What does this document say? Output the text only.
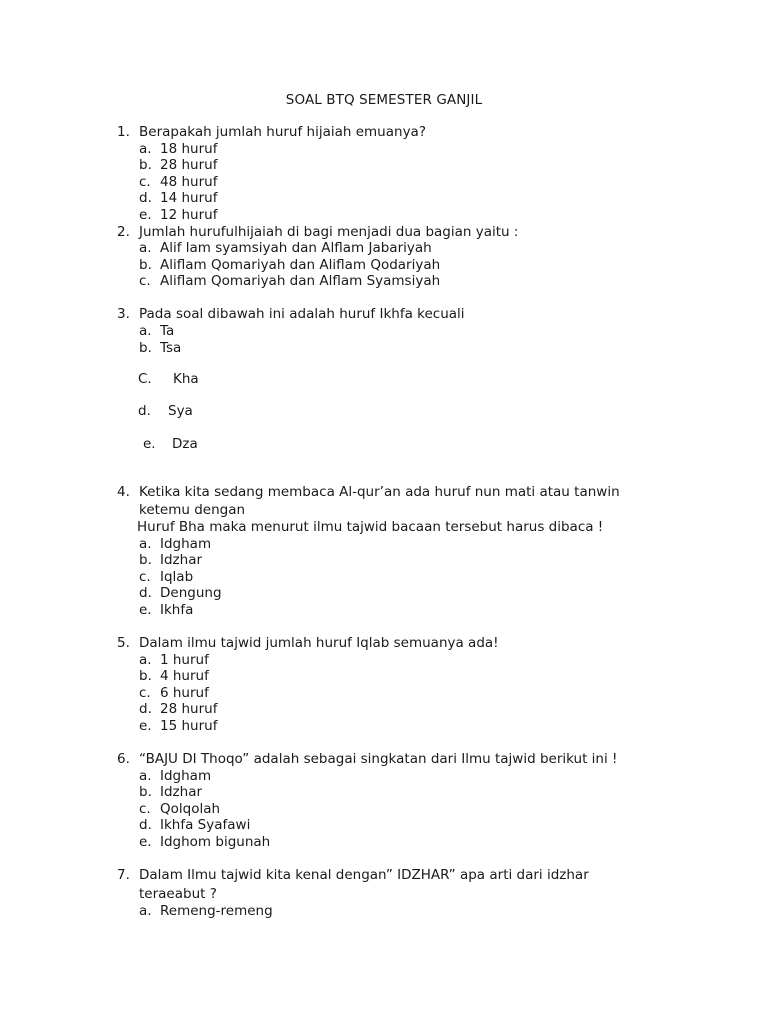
SOAL BTQ SEMESTER GANJIL
1. Berapakah jumlah huruf hijaiah emuanya?
a. 18 huruf
b. 28 huruf
c. 48 huruf
d. 14 huruf
e. 12 huruf
2. Jumlah hurufulhijaiah di bagi menjadi dua bagian yaitu :
a. Alif lam syamsiyah dan Alflam Jabariyah
b. Aliflam Qomariyah dan Aliflam Qodariyah
c. Aliflam Qomariyah dan Alflam Syamsiyah
3. Pada soal dibawah ini adalah huruf Ikhfa kecuali
a. Ta
b. Tsa
C. Kha
d. Sya
e. Dza
4. Ketika kita sedang membaca Al-qur’an ada huruf nun mati atau tanwin
ketemu dengan
Huruf Bha maka menurut ilmu tajwid bacaan tersebut harus dibaca !
a. Idgham
b. Idzhar
c. Iqlab
d. Dengung
e. Ikhfa
5. Dalam ilmu tajwid jumlah huruf Iqlab semuanya ada!
a. 1 huruf
b. 4 huruf
c. 6 huruf
d. 28 huruf
e. 15 huruf
6. “BAJU DI Thoqo” adalah sebagai singkatan dari Ilmu tajwid berikut ini !
a. Idgham
b. Idzhar
c. Qolqolah
d. Ikhfa Syafawi
e. Idghom bigunah
7. Dalam Ilmu tajwid kita kenal dengan” IDZHAR” apa arti dari idzhar
teraeabut ?
a. Remeng-remeng
